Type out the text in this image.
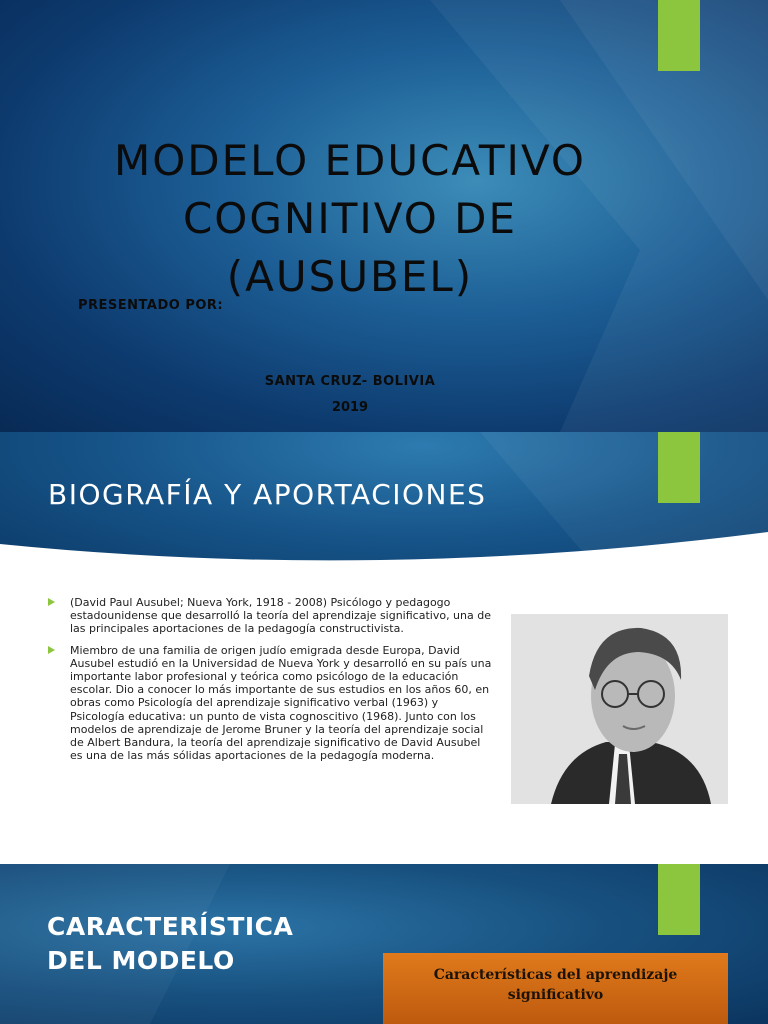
MODELO EDUCATIVO COGNITIVO DE (AUSUBEL)
PRESENTADO POR:
SANTA CRUZ- BOLIVIA
2019
BIOGRAFÍA Y APORTACIONES
(David Paul Ausubel; Nueva York, 1918 - 2008) Psicólogo y pedagogo estadounidense que desarrolló la teoría del aprendizaje significativo, una de las principales aportaciones de la pedagogía constructivista.
Miembro de una familia de origen judío emigrada desde Europa, David Ausubel estudió en la Universidad de Nueva York y desarrolló en su país una importante labor profesional y teórica como psicólogo de la educación escolar. Dio a conocer lo más importante de sus estudios en los años 60, en obras como Psicología del aprendizaje significativo verbal (1963) y Psicología educativa: un punto de vista cognoscitivo (1968). Junto con los modelos de aprendizaje de Jerome Bruner y la teoría del aprendizaje social de Albert Bandura, la teoría del aprendizaje significativo de David Ausubel es una de las más sólidas aportaciones de la pedagogía moderna.
CARACTERÍSTICA
DEL MODELO	Características del aprendizaje
significativo
